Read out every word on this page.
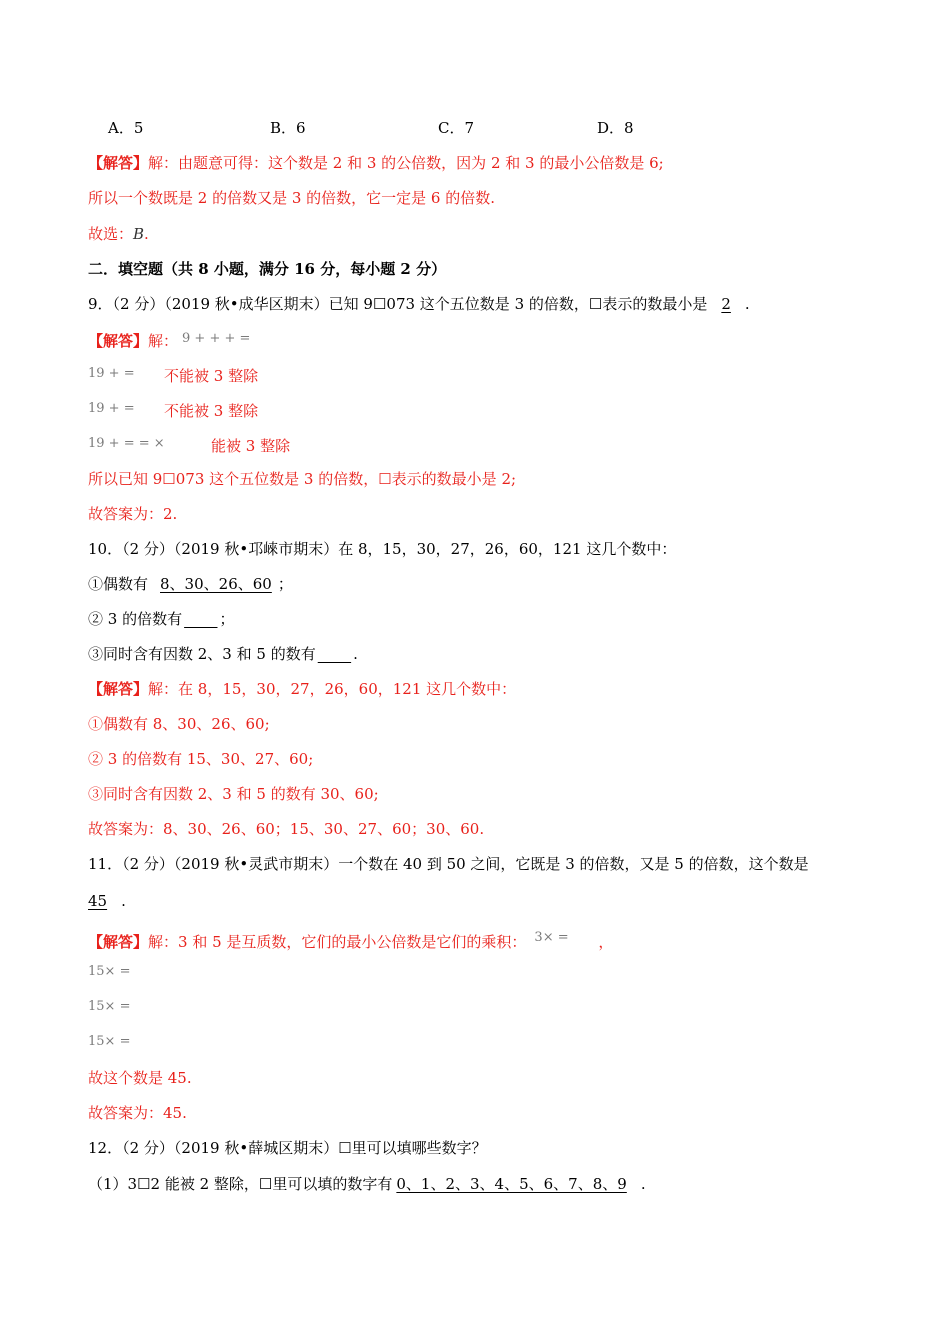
A．5	B．6	C．7	D．8
【解答】解：由题意可得：这个数是 2 和 3 的公倍数，因为 2 和 3 的最小公倍数是 6;
所以一个数既是 2 的倍数又是 3 的倍数，它一定是 6 的倍数.
故选：B.
二．填空题（共 8 小题，满分 16 分，每小题 2 分）
9．（2 分）（2019 秋•成华区期末）已知 9☐073 这个五位数是 3 的倍数，☐表示的数最小是 2 .
【解答】解： 9 + + + =
19 + = 不能被 3 整除
19 + = 不能被 3 整除
19 + = = ×	能被 3 整除
所以已知 9☐073 这个五位数是 3 的倍数，☐表示的数最小是 2;
故答案为：2.
10．（2 分）（2019 秋•邛崍市期末）在 8，15，30，27，26，60，121 这几个数中：
①偶数有 8、30、26、60 ；
② 3 的倍数有 ；
③同时含有因数 2、3 和 5 的数有 .
【解答】解：在 8，15，30，27，26，60，121 这几个数中：
①偶数有 8、30、26、60;
② 3 的倍数有 15、30、27、60;
③同时含有因数 2、3 和 5 的数有 30、60;
故答案为：8、30、26、60；15、30、27、60；30、60.
11．（2 分）（2019 秋•灵武市期末）一个数在 40 到 50 之间，它既是 3 的倍数，又是 5 的倍数，这个数是
45 .
【解答】解：3 和 5 是互质数，它们的最小公倍数是它们的乘积： 3× = ，
15× =
15× =
15× =
故这个数是 45.
故答案为：45.
12．（2 分）（2019 秋•薛城区期末）☐里可以填哪些数字？
（1）3☐2 能被 2 整除，☐里可以填的数字有 0、1、2、3、4、5、6、7、8、9 .
